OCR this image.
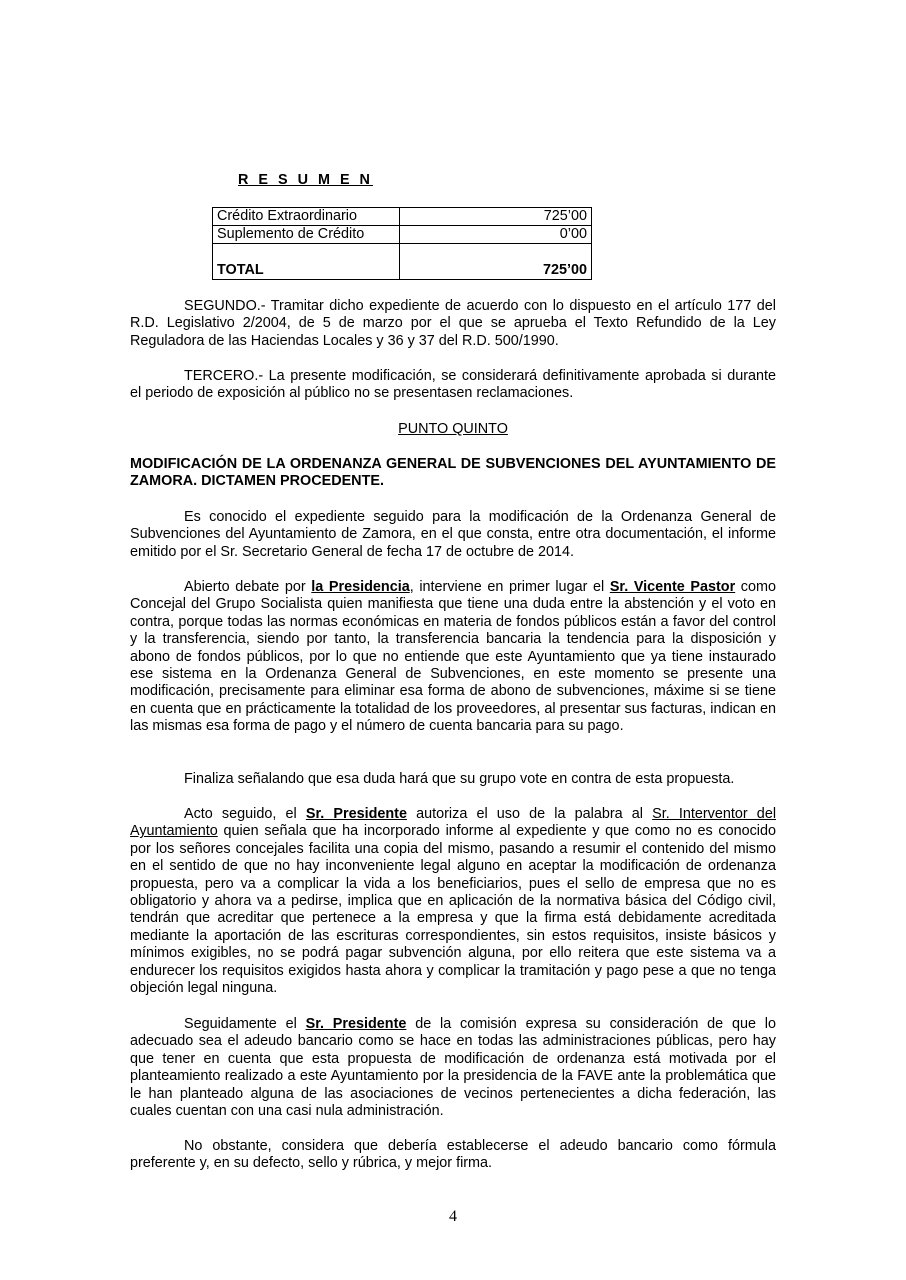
R E S U M E N
Crédito Extraordinario	725’00
Suplemento de Crédito	0’00
TOTAL	725’00

SEGUNDO.- Tramitar dicho expediente de acuerdo con lo dispuesto en el artículo 177 del R.D. Legislativo 2/2004, de 5 de marzo por el que se aprueba el Texto Refundido de la Ley Reguladora de las Haciendas Locales y 36 y 37 del R.D. 500/1990.

TERCERO.- La presente modificación, se considerará definitivamente aprobada si durante el periodo de exposición al público no se presentasen reclamaciones.

PUNTO QUINTO

MODIFICACIÓN DE LA ORDENANZA GENERAL DE SUBVENCIONES DEL AYUNTAMIENTO DE ZAMORA. DICTAMEN PROCEDENTE.

Es conocido el expediente seguido para la modificación de la Ordenanza General de Subvenciones del Ayuntamiento de Zamora, en el que consta, entre otra documentación, el informe emitido por el Sr. Secretario General de fecha 17 de octubre de 2014.

Abierto debate por la Presidencia, interviene en primer lugar el Sr. Vicente Pastor como Concejal del Grupo Socialista quien manifiesta que tiene una duda entre la abstención y el voto en contra, porque todas las normas económicas en materia de fondos públicos están a favor del control y la transferencia, siendo por tanto, la transferencia bancaria la tendencia para la disposición y abono de fondos públicos, por lo que no entiende que este Ayuntamiento que ya tiene instaurado ese sistema en la Ordenanza General de Subvenciones, en este momento se presente una modificación, precisamente para eliminar esa forma de abono de subvenciones, máxime si se tiene en cuenta que en prácticamente la totalidad de los proveedores, al presentar sus facturas, indican en las mismas esa forma de pago y el número de cuenta bancaria para su pago.

Finaliza señalando que esa duda hará que su grupo vote en contra de esta propuesta.

Acto seguido, el Sr. Presidente autoriza el uso de la palabra al Sr. Interventor del Ayuntamiento quien señala que ha incorporado informe al expediente y que como no es conocido por los señores concejales facilita una copia del mismo, pasando a resumir el contenido del mismo en el sentido de que no hay inconveniente legal alguno en aceptar la modificación de ordenanza propuesta, pero va a complicar la vida a los beneficiarios, pues el sello de empresa que no es obligatorio y ahora va a pedirse, implica que en aplicación de la normativa básica del Código civil, tendrán que acreditar que pertenece a la empresa y que la firma está debidamente acreditada mediante la aportación de las escrituras correspondientes, sin estos requisitos, insiste básicos y mínimos exigibles, no se podrá pagar subvención alguna, por ello reitera que este sistema va a endurecer los requisitos exigidos hasta ahora y complicar la tramitación y pago pese a que no tenga objeción legal ninguna.

Seguidamente el Sr. Presidente de la comisión expresa su consideración de que lo adecuado sea el adeudo bancario como se hace en todas las administraciones públicas, pero hay que tener en cuenta que esta propuesta de modificación de ordenanza está motivada por el planteamiento realizado a este Ayuntamiento por la presidencia de la FAVE ante la problemática que le han planteado alguna de las asociaciones de vecinos pertenecientes a dicha federación, las cuales cuentan con una casi nula administración.

No obstante, considera que debería establecerse el adeudo bancario como fórmula preferente y, en su defecto, sello y rúbrica, y mejor firma.

4
